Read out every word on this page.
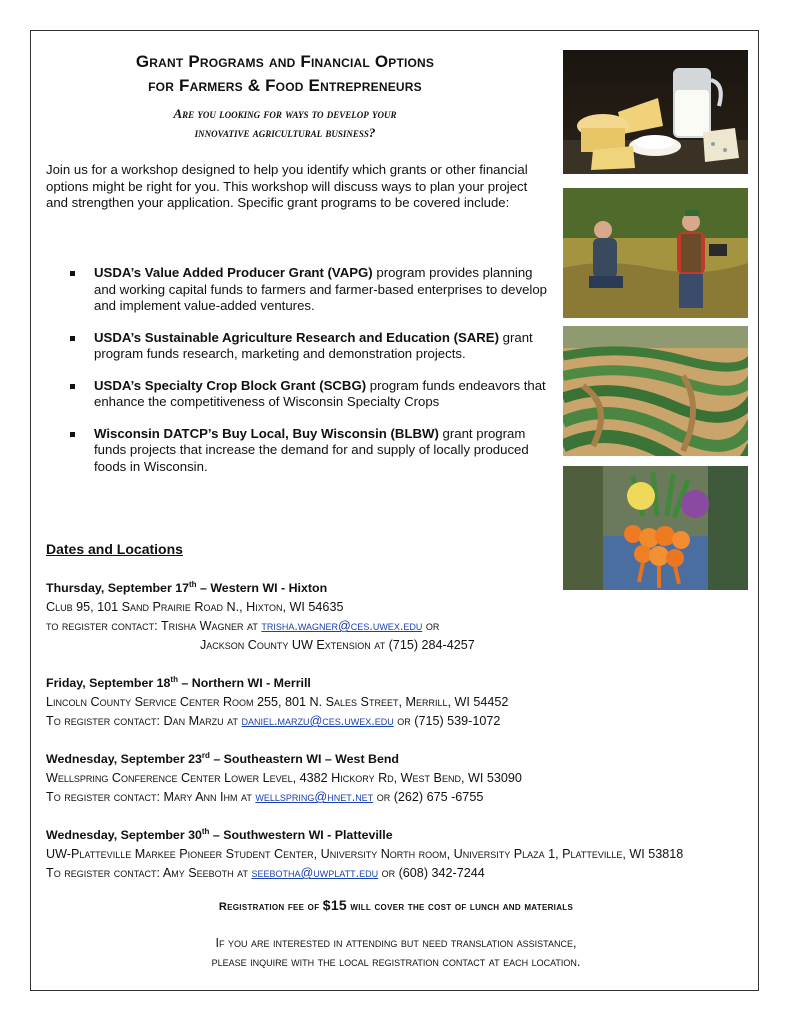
Grant Programs and Financial Options
for Farmers & Food Entrepreneurs
Are you looking for ways to develop your
innovative agricultural business?
Join us for a workshop designed to help you identify which grants or other financial options might be right for you. This workshop will discuss ways to plan your project and strengthen your application. Specific grant programs to be covered include:
USDA’s Value Added Producer Grant (VAPG) program provides planning and working capital funds to farmers and farmer-based enterprises to develop and implement value-added ventures.
USDA’s Sustainable Agriculture Research and Education (SARE) grant program funds research, marketing and demonstration projects.
USDA’s Specialty Crop Block Grant (SCBG) program funds endeavors that enhance the competitiveness of Wisconsin Specialty Crops
Wisconsin DATCP’s Buy Local, Buy Wisconsin (BLBW) grant program funds projects that increase the demand for and supply of locally produced foods in Wisconsin.
Dates and Locations
Thursday, September 17th – Western WI - Hixton
Club 95, 101 Sand Prairie Road N., Hixton, WI 54635
to register contact: Trisha Wagner at trisha.wagner@ces.uwex.edu or
Jackson County UW Extension at (715) 284-4257
Friday, September 18th – Northern WI - Merrill
Lincoln County Service Center Room 255, 801 N. Sales Street, Merrill, WI 54452
To register contact: Dan Marzu at daniel.marzu@ces.uwex.edu or (715) 539-1072
Wednesday, September 23rd – Southeastern WI – West Bend
Wellspring Conference Center Lower Level, 4382 Hickory Rd, West Bend, WI 53090
To register contact: Mary Ann Ihm at wellspring@hnet.net or (262) 675 -6755
Wednesday, September 30th – Southwestern WI - Platteville
UW-Platteville Markee Pioneer Student Center, University North room, University Plaza 1, Platteville, WI 53818
To register contact: Amy Seeboth at seebotha@uwplatt.edu or (608) 342-7244
Registration fee of $15 will cover the cost of lunch and materials
If you are interested in attending but need translation assistance,
please inquire with the local registration contact at each location.
